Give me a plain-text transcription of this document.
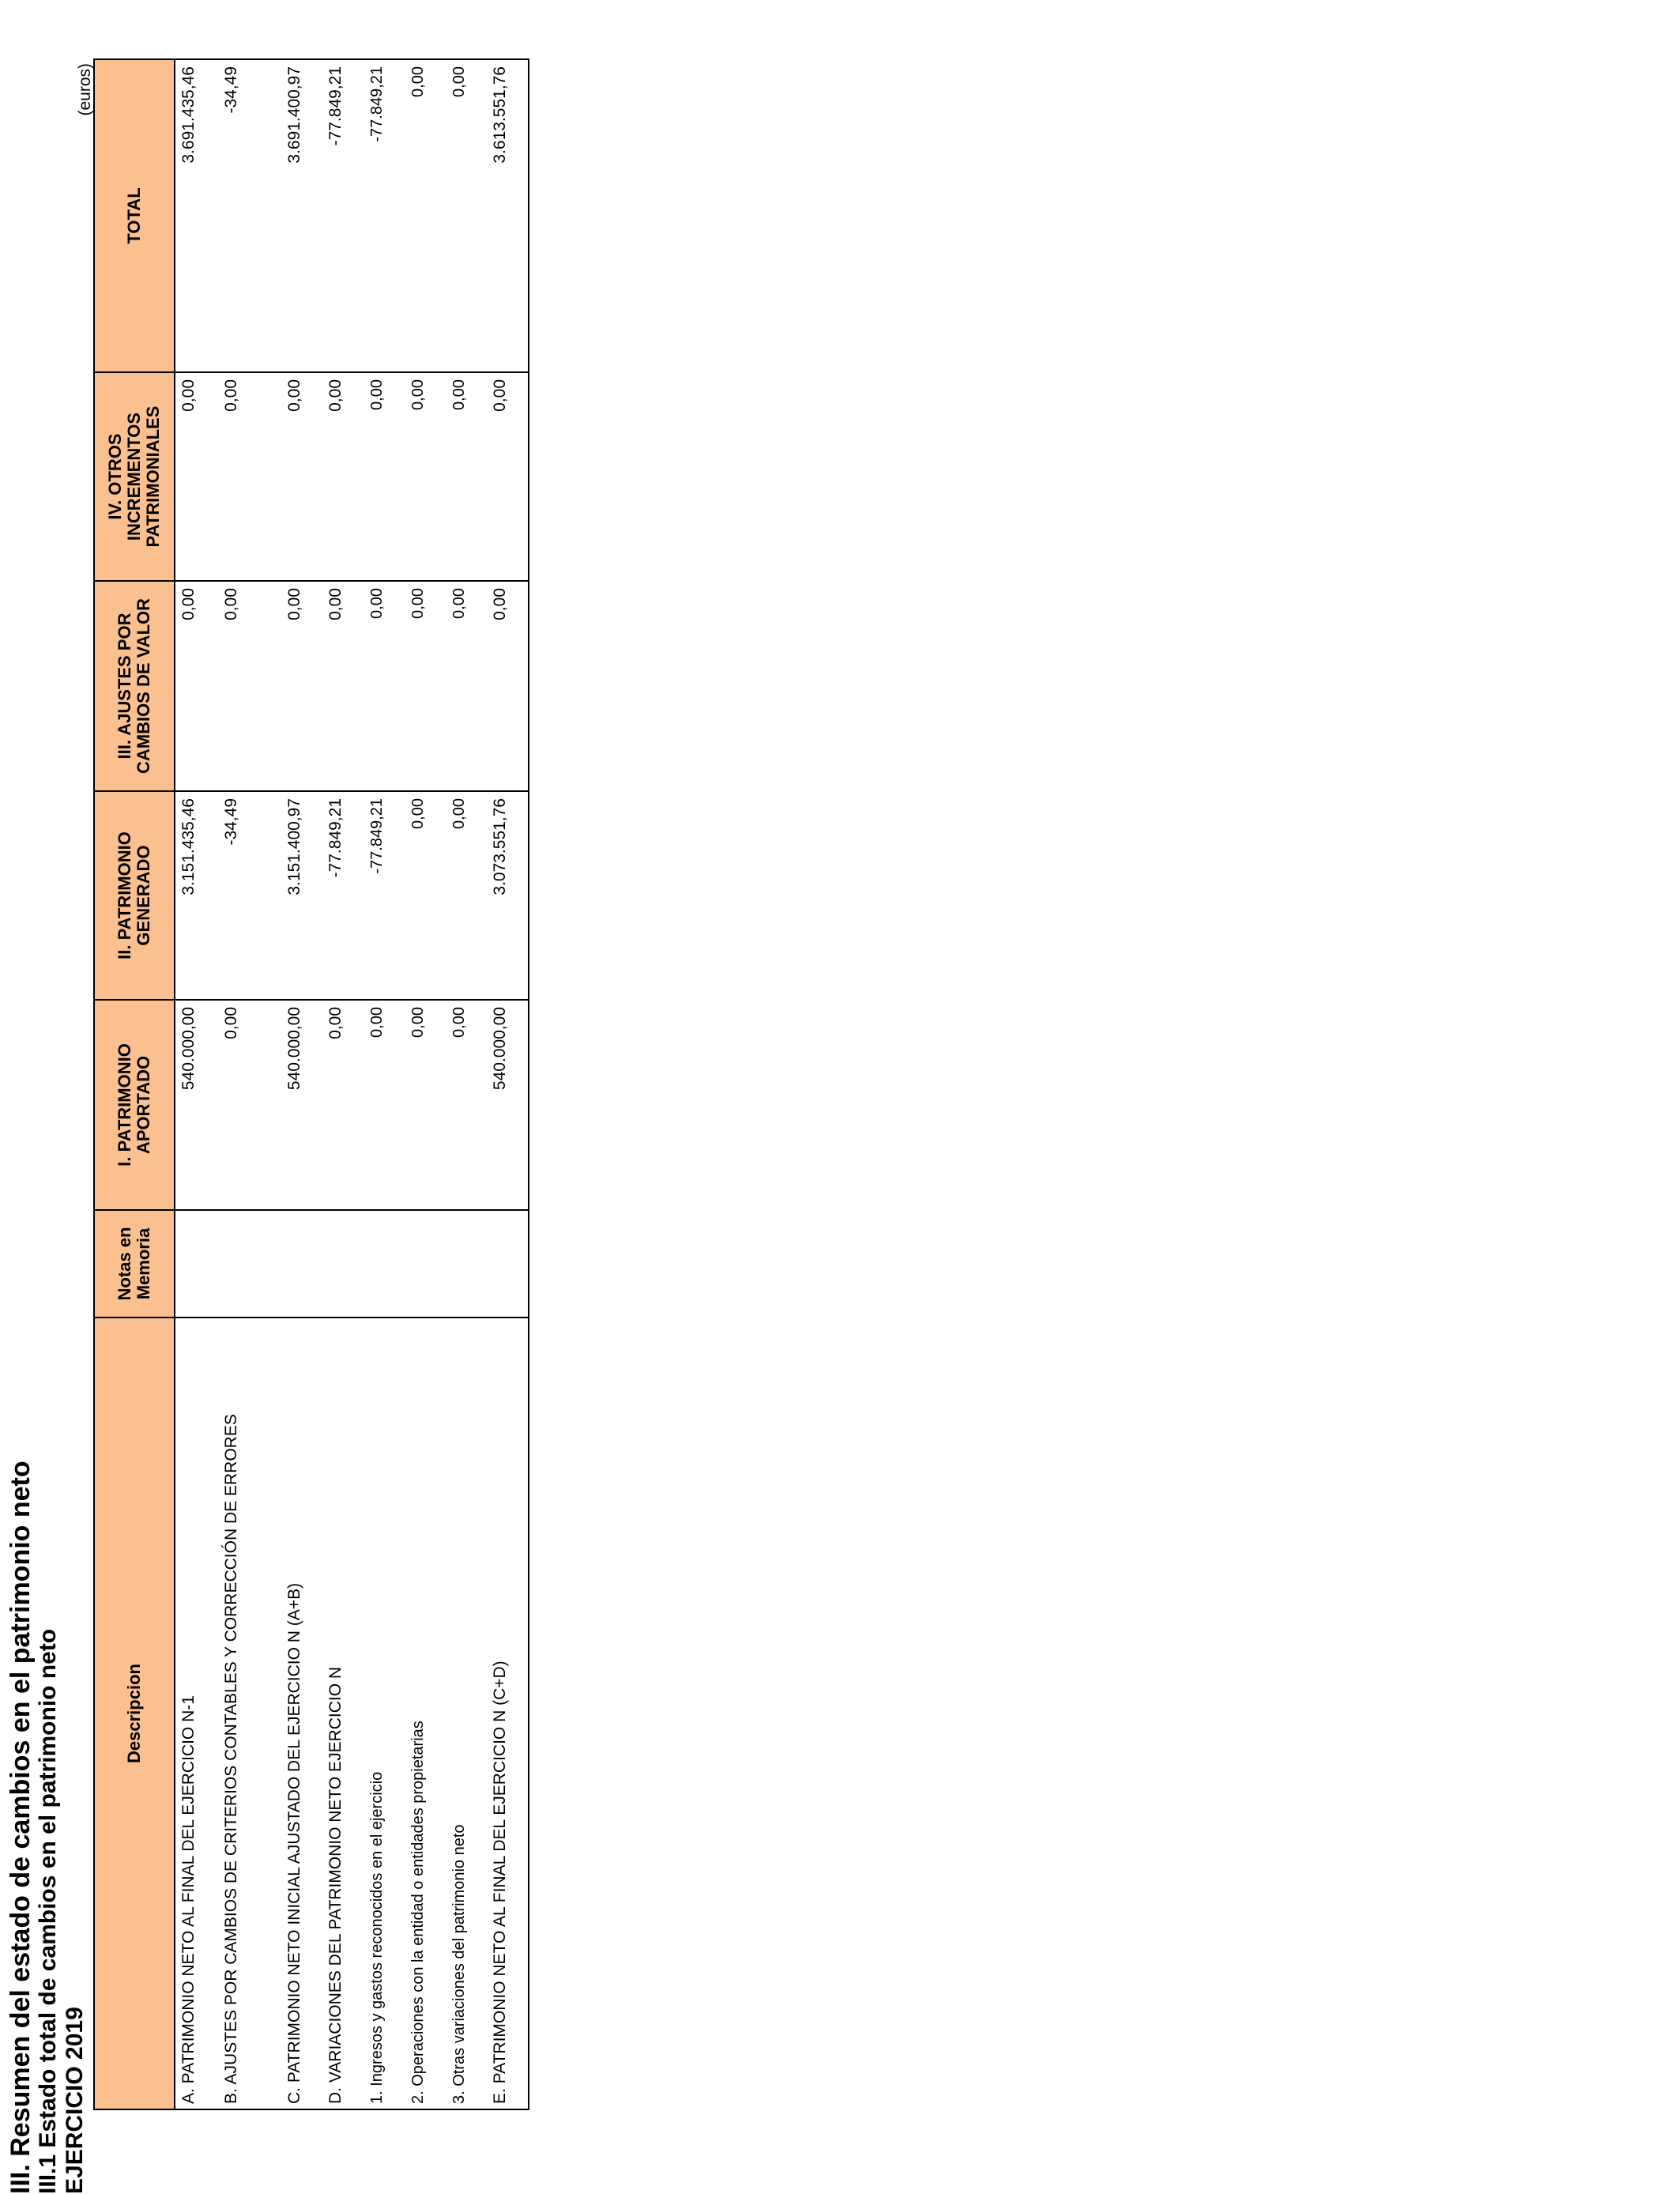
III. Resumen del estado de cambios en el patrimonio neto III.1 Estado total de cambios en el patrimonio neto EJERCICIO 2019
(euros)
Descripcion	Notas en Memoria	I. PATRIMONIO APORTADO	II. PATRIMONIO GENERADO	III. AJUSTES POR CAMBIOS DE VALOR	IV. OTROS INCREMENTOS PATRIMONIALES	TOTAL
A. PATRIMONIO NETO AL FINAL DEL EJERCICIO N-1		540.000,00	3.151.435,46	0,00	0,00	3.691.435,46
B. AJUSTES POR CAMBIOS DE CRITERIOS CONTABLES Y CORRECCIÓN DE ERRORES		0,00	-34,49	0,00	0,00	-34,49
C. PATRIMONIO NETO INICIAL AJUSTADO DEL EJERCICIO N (A+B)		540.000,00	3.151.400,97	0,00	0,00	3.691.400,97
D. VARIACIONES DEL PATRIMONIO NETO EJERCICIO N		0,00	-77.849,21	0,00	0,00	-77.849,21
1. Ingresos y gastos reconocidos en el ejercicio		0,00	-77.849,21	0,00	0,00	-77.849,21
2. Operaciones con la entidad o entidades propietarias		0,00	0,00	0,00	0,00	0,00
3. Otras variaciones del patrimonio neto		0,00	0,00	0,00	0,00	0,00
E. PATRIMONIO NETO AL FINAL DEL EJERCICIO N (C+D)		540.000,00	3.073.551,76	0,00	0,00	3.613.551,76
